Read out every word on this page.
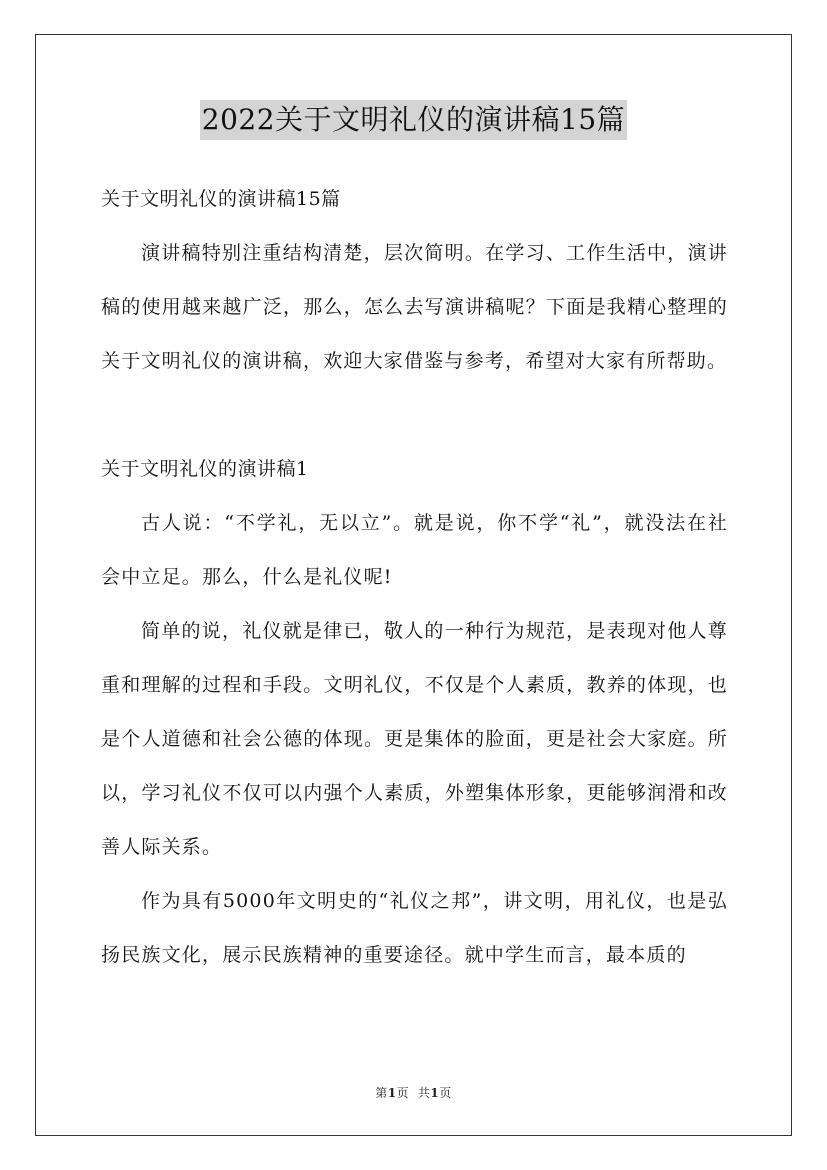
2022关于文明礼仪的演讲稿15篇

关于文明礼仪的演讲稿15篇

演讲稿特别注重结构清楚，层次简明。在学习、工作生活中，演讲稿的使用越来越广泛，那么，怎么去写演讲稿呢？下面是我精心整理的关于文明礼仪的演讲稿，欢迎大家借鉴与参考，希望对大家有所帮助。

关于文明礼仪的演讲稿1

古人说：“不学礼，无以立”。就是说，你不学“礼”，就没法在社会中立足。那么，什么是礼仪呢!

简单的说，礼仪就是律已，敬人的一种行为规范，是表现对他人尊重和理解的过程和手段。文明礼仪，不仅是个人素质，教养的体现，也是个人道德和社会公德的体现。更是集体的脸面，更是社会大家庭。所以，学习礼仪不仅可以内强个人素质，外塑集体形象，更能够润滑和改善人际关系。

作为具有5000年文明史的“礼仪之邦”，讲文明，用礼仪，也是弘扬民族文化，展示民族精神的重要途径。就中学生而言，最本质的

第1页 共1页
